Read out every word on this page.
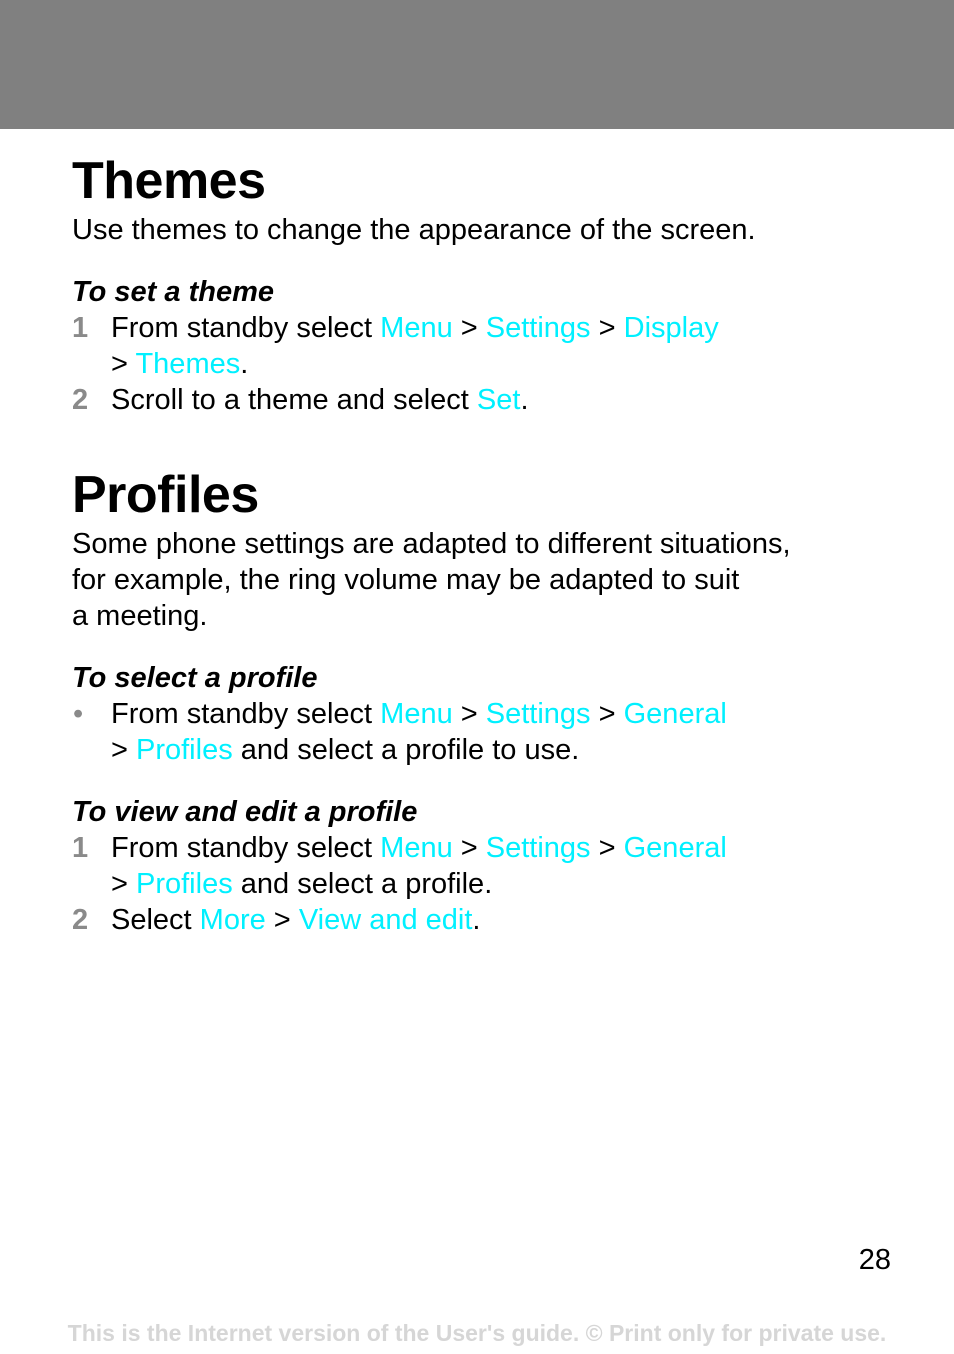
Themes

Use themes to change the appearance of the screen.

To set a theme

1 From standby select Menu > Settings > Display
> Themes.
2 Scroll to a theme and select Set.
Profiles

Some phone settings are adapted to different situations,
for example, the ring volume may be adapted to suit
a meeting.

To select a profile

• From standby select Menu > Settings > General
> Profiles and select a profile to use.

To view and edit a profile

1 From standby select Menu > Settings > General
> Profiles and select a profile.
2 Select More > View and edit.
28
This is the Internet version of the User's guide. © Print only for private use.
